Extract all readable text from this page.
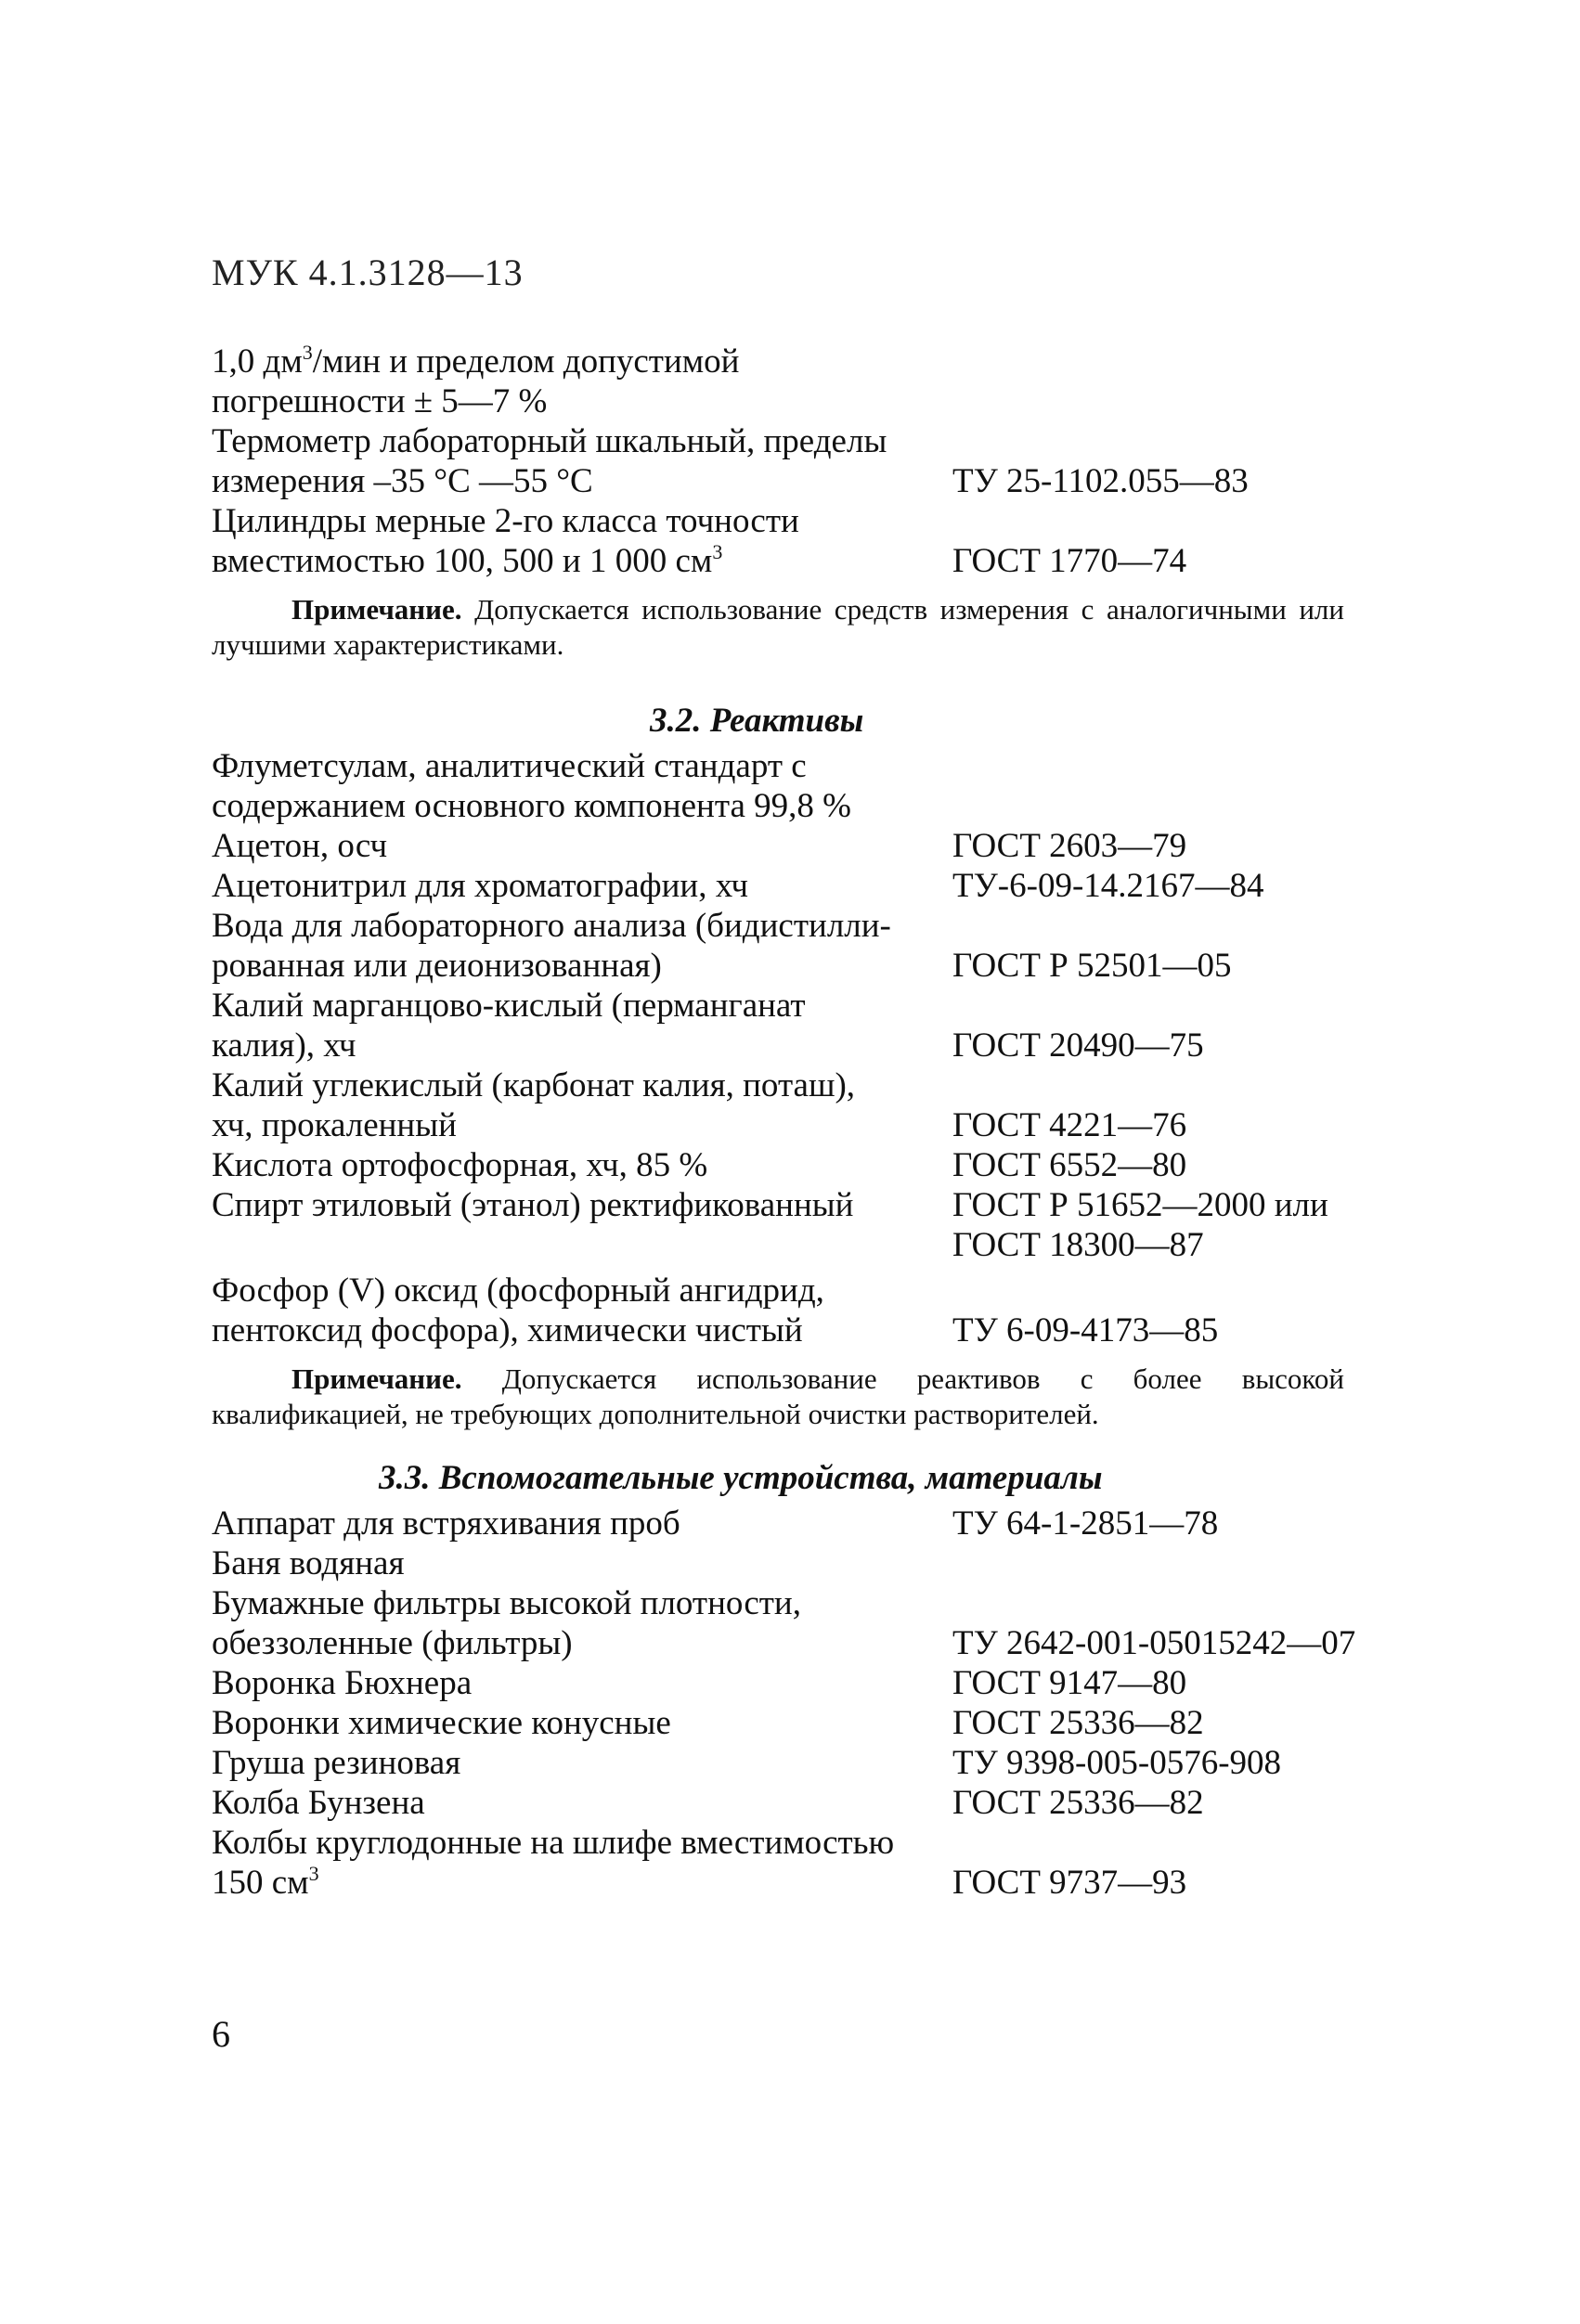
МУК 4.1.3128—13
1,0 $дм^3$/мин и пределом допустимой
погрешности ± 5—7 %
Термометр лабораторный шкальный, пределы
измерения –35 °C —55 °C	ТУ 25-1102.055—83
Цилиндры мерные 2-го класса точности
вместимостью 100, 500 и 1 000 $см^3$	ГОСТ 1770—74
Примечание. Допускается использование средств измерения с аналогичными или лучшими характеристиками.
3.2. Реактивы
Флуметсулам, аналитический стандарт с
содержанием основного компонента 99,8 %
Ацетон, осч	ГОСТ 2603—79
Ацетонитрил для хроматографии, хч	ТУ-6-09-14.2167—84
Вода для лабораторного анализа (бидистилли-
рованная или деионизованная)	ГОСТ Р 52501—05
Калий марганцово-кислый (перманганат
калия), хч	ГОСТ 20490—75
Калий углекислый (карбонат калия, поташ),
хч, прокаленный	ГОСТ 4221—76
Кислота ортофосфорная, хч, 85 %	ГОСТ 6552—80
Спирт этиловый (этанол) ректификованный	ГОСТ Р 51652—2000 или
ГОСТ 18300—87
Фосфор (V) оксид (фосфорный ангидрид,
пентоксид фосфора), химически чистый	ТУ 6-09-4173—85
Примечание. Допускается использование реактивов с более высокой квалификацией, не требующих дополнительной очистки растворителей.
3.3. Вспомогательные устройства, материалы
Аппарат для встряхивания проб	ТУ 64-1-2851—78
Баня водяная
Бумажные фильтры высокой плотности,
обеззоленные (фильтры)	ТУ 2642-001-05015242—07
Воронка Бюхнера	ГОСТ 9147—80
Воронки химические конусные	ГОСТ 25336—82
Груша резиновая	ТУ 9398-005-0576-908
Колба Бунзена	ГОСТ 25336—82
Колбы круглодонные на шлифе вместимостью
150 $см^3$	ГОСТ 9737—93
6
